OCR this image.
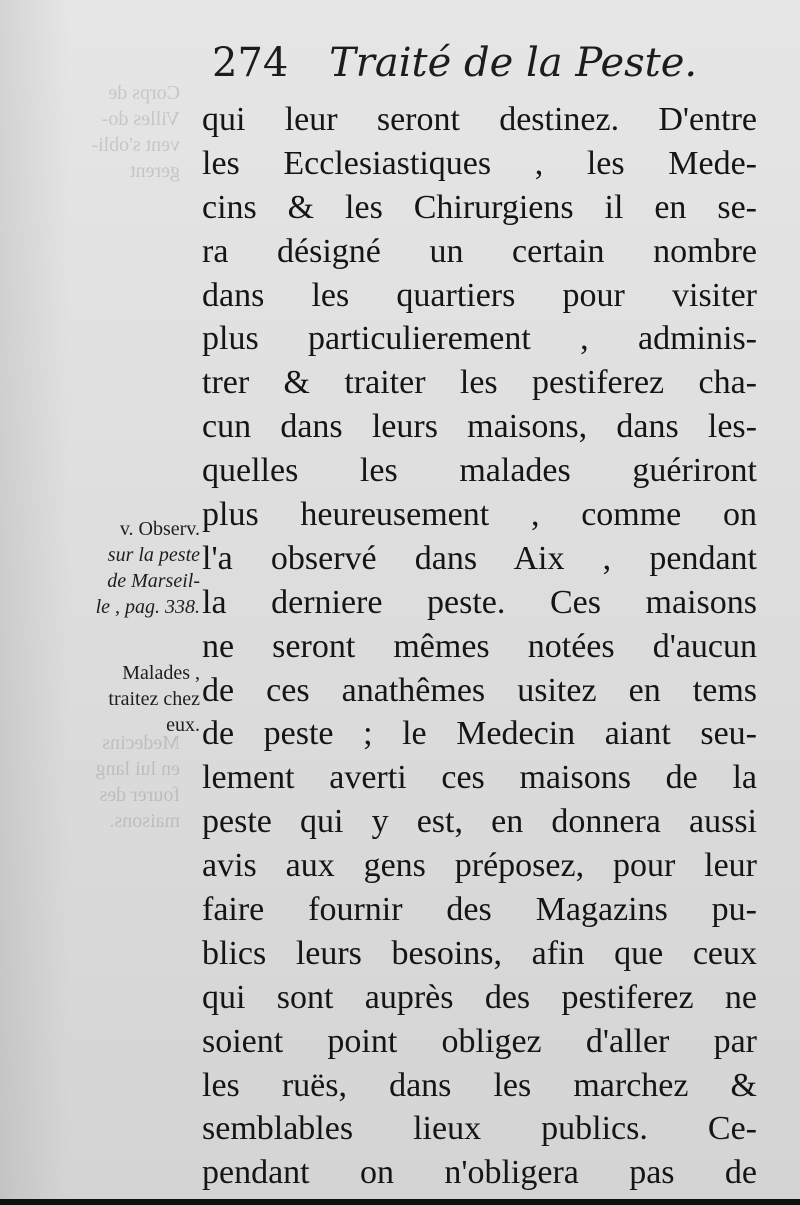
Corps de
Villes do-
vent s'obli-
gerent
Medecins
en lui lang
fourer des
maisons.
274 Traité de la Peste.
qui leur seront destinez. D'entre
les Ecclesiastiques , les Mede-
cins & les Chirurgiens il en se-
ra désigné un certain nombre
dans les quartiers pour visiter
plus particulierement , adminis-
trer & traiter les pestiferez cha-
cun dans leurs maisons, dans les-
quelles les malades guériront
plus heureusement , comme on
l'a observé dans Aix , pendant
la derniere peste. Ces maisons
ne seront mêmes notées d'aucun
de ces anathêmes usitez en tems
de peste ; le Medecin aiant seu-
lement averti ces maisons de la
peste qui y est, en donnera aussi
avis aux gens préposez, pour leur
faire fournir des Magazins pu-
blics leurs besoins, afin que ceux
qui sont auprès des pestiferez ne
soient point obligez d'aller par
les ruës, dans les marchez &
semblables lieux publics. Ce-
pendant on n'obligera pas de
v. Observ.
sur la peste
de Marseil-
le , pag. 338.
Malades ,
traitez chez
eux.
